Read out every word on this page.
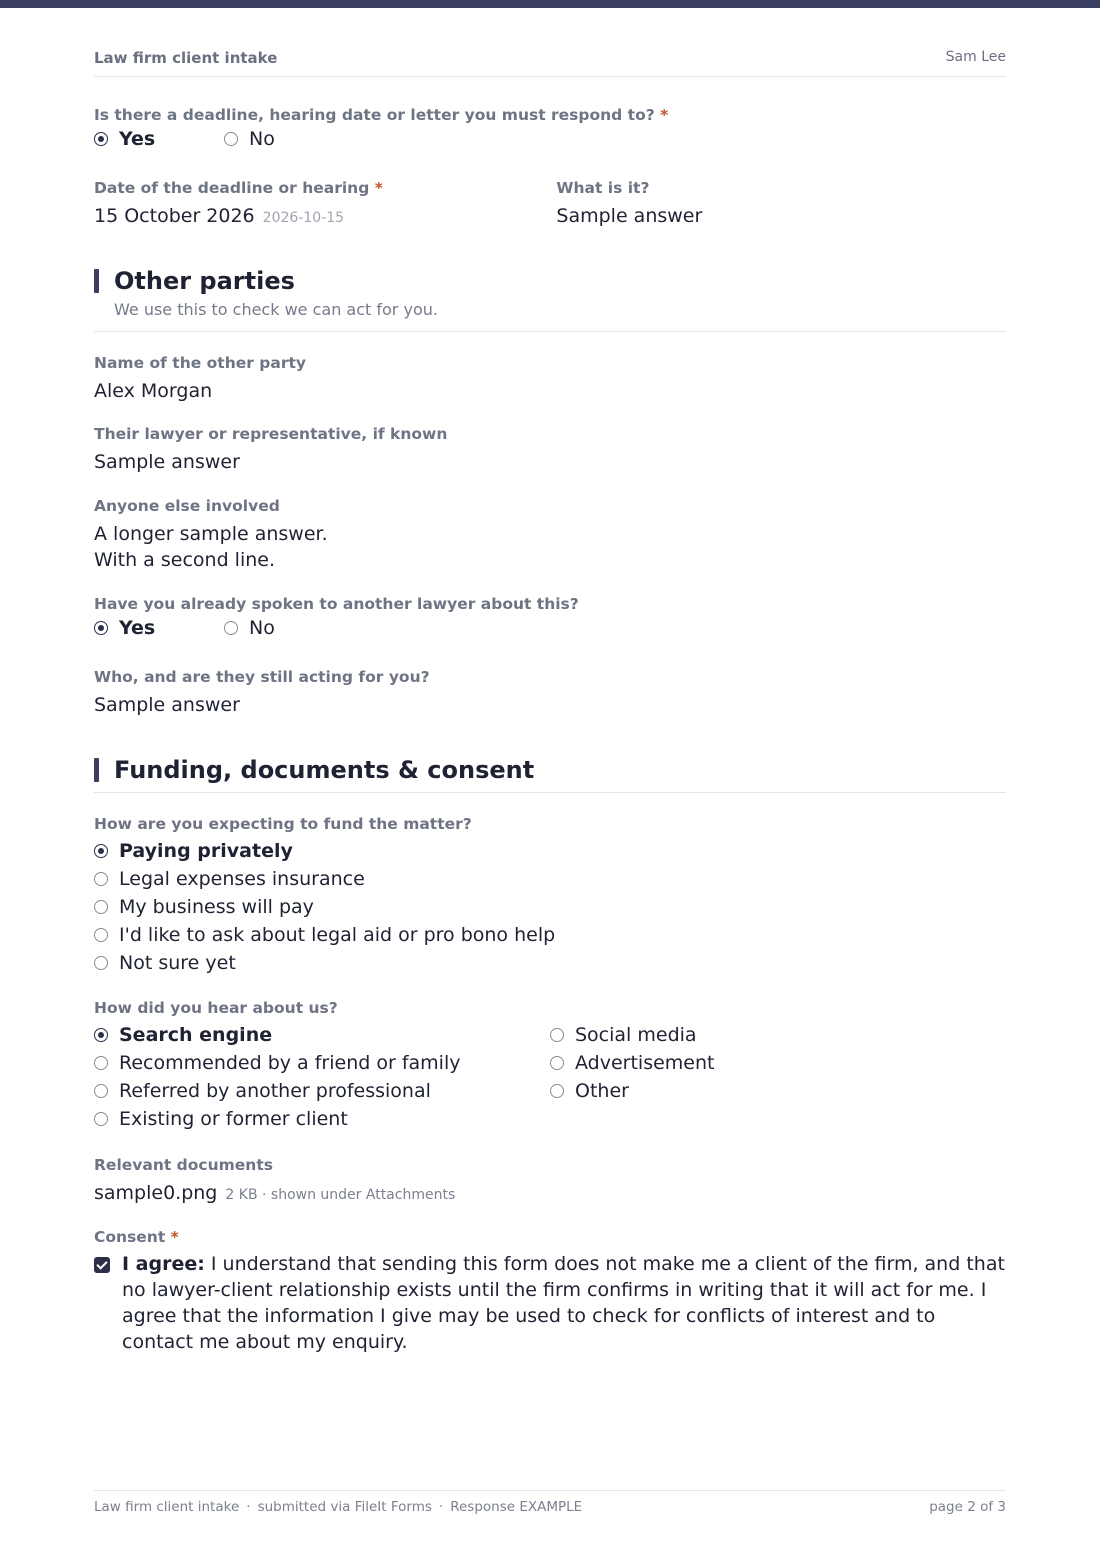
Law firm client intake	Sam Lee
Is there a deadline, hearing date or letter you must respond to? *
Yes	No
Date of the deadline or hearing *
15 October 2026 2026-10-15
What is it?
Sample answer
Other parties
We use this to check we can act for you.
Name of the other party
Alex Morgan
Their lawyer or representative, if known
Sample answer
Anyone else involved
A longer sample answer.
With a second line.
Have you already spoken to another lawyer about this?
Yes	No
Who, and are they still acting for you?
Sample answer
Funding, documents & consent
How are you expecting to fund the matter?
Paying privately
Legal expenses insurance
My business will pay
I'd like to ask about legal aid or pro bono help
Not sure yet
How did you hear about us?
Search engine
Recommended by a friend or family
Referred by another professional
Existing or former client
Social media
Advertisement
Other
Relevant documents
sample0.png 2 KB · shown under Attachments
Consent *
I agree: I understand that sending this form does not make me a client of the firm, and that no lawyer-client relationship exists until the firm confirms in writing that it will act for me. I agree that the information I give may be used to check for conflicts of interest and to contact me about my enquiry.
Law firm client intake · submitted via FileIt Forms · Response EXAMPLE	page 2 of 3
